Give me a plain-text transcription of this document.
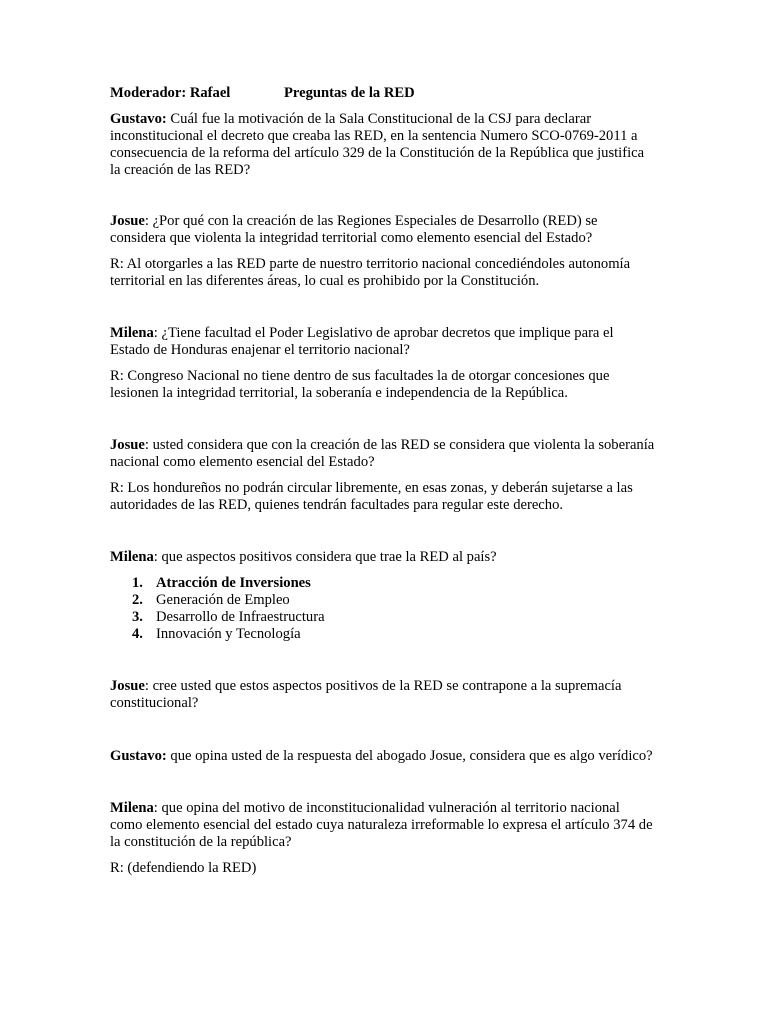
Moderador: Rafael	Preguntas de la RED

Gustavo: Cuál fue la motivación de la Sala Constitucional de la CSJ para declarar inconstitucional el decreto que creaba las RED, en la sentencia Numero SCO-0769-2011 a consecuencia de la reforma del artículo 329 de la Constitución de la República que justifica la creación de las RED?

Josue: ¿Por qué con la creación de las Regiones Especiales de Desarrollo (RED) se considera que violenta la integridad territorial como elemento esencial del Estado?

R: Al otorgarles a las RED parte de nuestro territorio nacional concediéndoles autonomía territorial en las diferentes áreas, lo cual es prohibido por la Constitución.

Milena: ¿Tiene facultad el Poder Legislativo de aprobar decretos que implique para el Estado de Honduras enajenar el territorio nacional?

R: Congreso Nacional no tiene dentro de sus facultades la de otorgar concesiones que lesionen la integridad territorial, la soberanía e independencia de la República.

Josue: usted considera que con la creación de las RED se considera que violenta la soberanía nacional como elemento esencial del Estado?

R: Los hondureños no podrán circular libremente, en esas zonas, y deberán sujetarse a las autoridades de las RED, quienes tendrán facultades para regular este derecho.

Milena: que aspectos positivos considera que trae la RED al país?

1. Atracción de Inversiones
2. Generación de Empleo
3. Desarrollo de Infraestructura
4. Innovación y Tecnología

Josue: cree usted que estos aspectos positivos de la RED se contrapone a la supremacía constitucional?

Gustavo: que opina usted de la respuesta del abogado Josue, considera que es algo verídico?

Milena: que opina del motivo de inconstitucionalidad vulneración al territorio nacional como elemento esencial del estado cuya naturaleza irreformable lo expresa el artículo 374 de la constitución de la república?

R: (defendiendo la RED)
